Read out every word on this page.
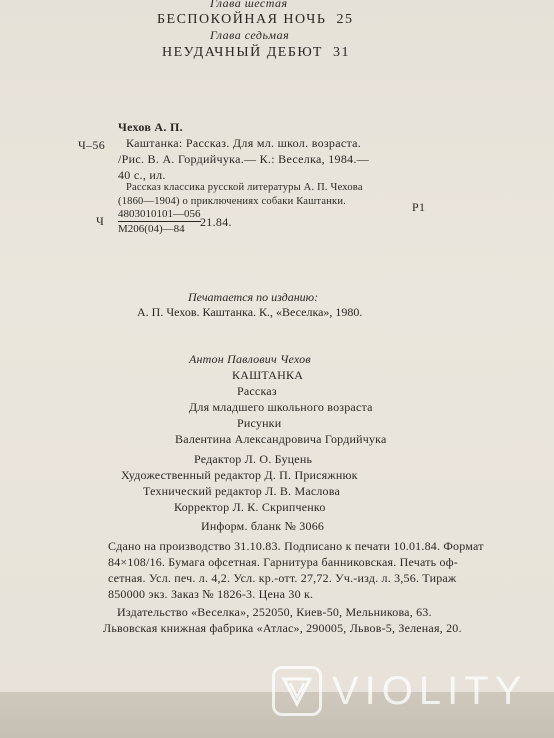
Глава шестая
БЕСПОКОЙНАЯ НОЧЬ 25
Глава седьмая
НЕУДАЧНЫЙ ДЕБЮТ 31
Чехов А. П.
Ч–56 Каштанка: Рассказ. Для мл. школ. возраста.
/Рис. В. А. Гордийчука.— К.: Веселка, 1984.—
40 с., ил.
Рассказ классика русской литературы А. П. Чехова
(1860—1904) о приключениях собаки Каштанки.
Ч 4803010101—056
М206(04)—84	21.84.
Р1
Печатается по изданию:
А. П. Чехов. Каштанка. К., «Веселка», 1980.
Антон Павлович Чехов
КАШТАНКА
Рассказ
Для младшего школьного возраста
Рисунки
Валентина Александровича Гордийчука
Редактор Л. О. Буцень
Художественный редактор Д. П. Присяжнюк
Технический редактор Л. В. Маслова
Корректор Л. К. Скрипченко
Информ. бланк № 3066
Сдано на производство 31.10.83. Подписано к печати 10.01.84. Формат
84×108/16. Бумага офсетная. Гарнитура банниковская. Печать оф-
сетная. Усл. печ. л. 4,2. Усл. кр.-отт. 27,72. Уч.-изд. л. 3,56. Тираж
850000 экз. Заказ № 1826-3. Цена 30 к.
Издательство «Веселка», 252050, Киев-50, Мельникова, 63.
Львовская книжная фабрика «Атлас», 290005, Львов-5, Зеленая, 20.
VIOLITY
